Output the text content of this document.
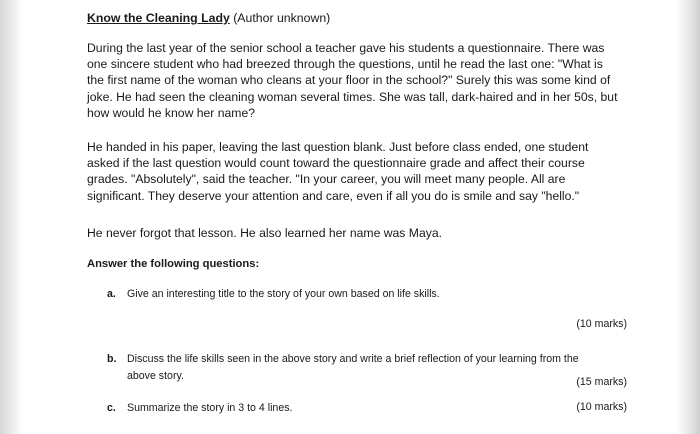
Know the Cleaning Lady (Author unknown)

During the last year of the senior school a teacher gave his students a questionnaire. There was one sincere student who had breezed through the questions, until he read the last one: "What is the first name of the woman who cleans at your floor in the school?" Surely this was some kind of joke. He had seen the cleaning woman several times. She was tall, dark-haired and in her 50s, but how would he know her name?

He handed in his paper, leaving the last question blank. Just before class ended, one student asked if the last question would count toward the questionnaire grade and affect their course grades. "Absolutely", said the teacher. "In your career, you will meet many people. All are significant. They deserve your attention and care, even if all you do is smile and say "hello."

He never forgot that lesson. He also learned her name was Maya.

Answer the following questions:
a. Give an interesting title to the story of your own based on life skills.
(10 marks)
b. Discuss the life skills seen in the above story and write a brief reflection of your learning from the
above story.	(15 marks)
c. Summarize the story in 3 to 4 lines.	(10 marks)
